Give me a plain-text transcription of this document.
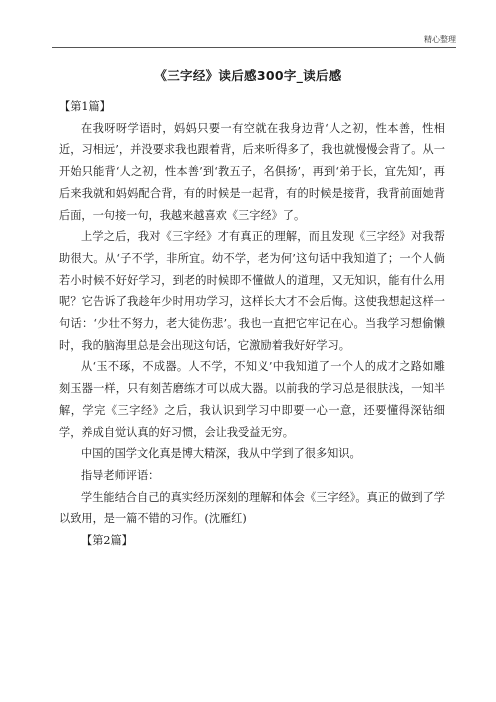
精心整理
《三字经》读后感300字_读后感

【第1篇】

在我呀呀学语时，妈妈只要一有空就在我身边背‘人之初，性本善，性相近，习相远’，并没要求我也跟着背，后来听得多了，我也就慢慢会背了。从一开始只能背‘人之初，性本善’到‘教五子，名俱扬’，再到‘弟于长，宜先知’，再后来我就和妈妈配合背，有的时候是一起背，有的时候是接背，我背前面她背后面，一句接一句，我越来越喜欢《三字经》了。

上学之后，我对《三字经》才有真正的理解，而且发现《三字经》对我帮助很大。从‘子不学，非所宜。幼不学，老为何’这句话中我知道了；一个人倘若小时候不好好学习，到老的时候即不懂做人的道理，又无知识，能有什么用呢？它告诉了我趁年少时用功学习，这样长大才不会后悔。这使我想起这样一句话：‘少壮不努力，老大徒伤悲’。我也一直把它牢记在心。当我学习想偷懒时，我的脑海里总是会出现这句话，它激励着我好好学习。

从‘玉不琢，不成器。人不学，不知义’中我知道了一个人的成才之路如雕刻玉器一样，只有刻苦磨练才可以成大器。以前我的学习总是很肤浅，一知半解，学完《三字经》之后，我认识到学习中即要一心一意，还要懂得深钻细学，养成自觉认真的好习惯，会让我受益无穷。

中国的国学文化真是博大精深，我从中学到了很多知识。

指导老师评语：

学生能结合自己的真实经历深刻的理解和体会《三字经》。真正的做到了学以致用，是一篇不错的习作。(沈雁红)

【第2篇】
